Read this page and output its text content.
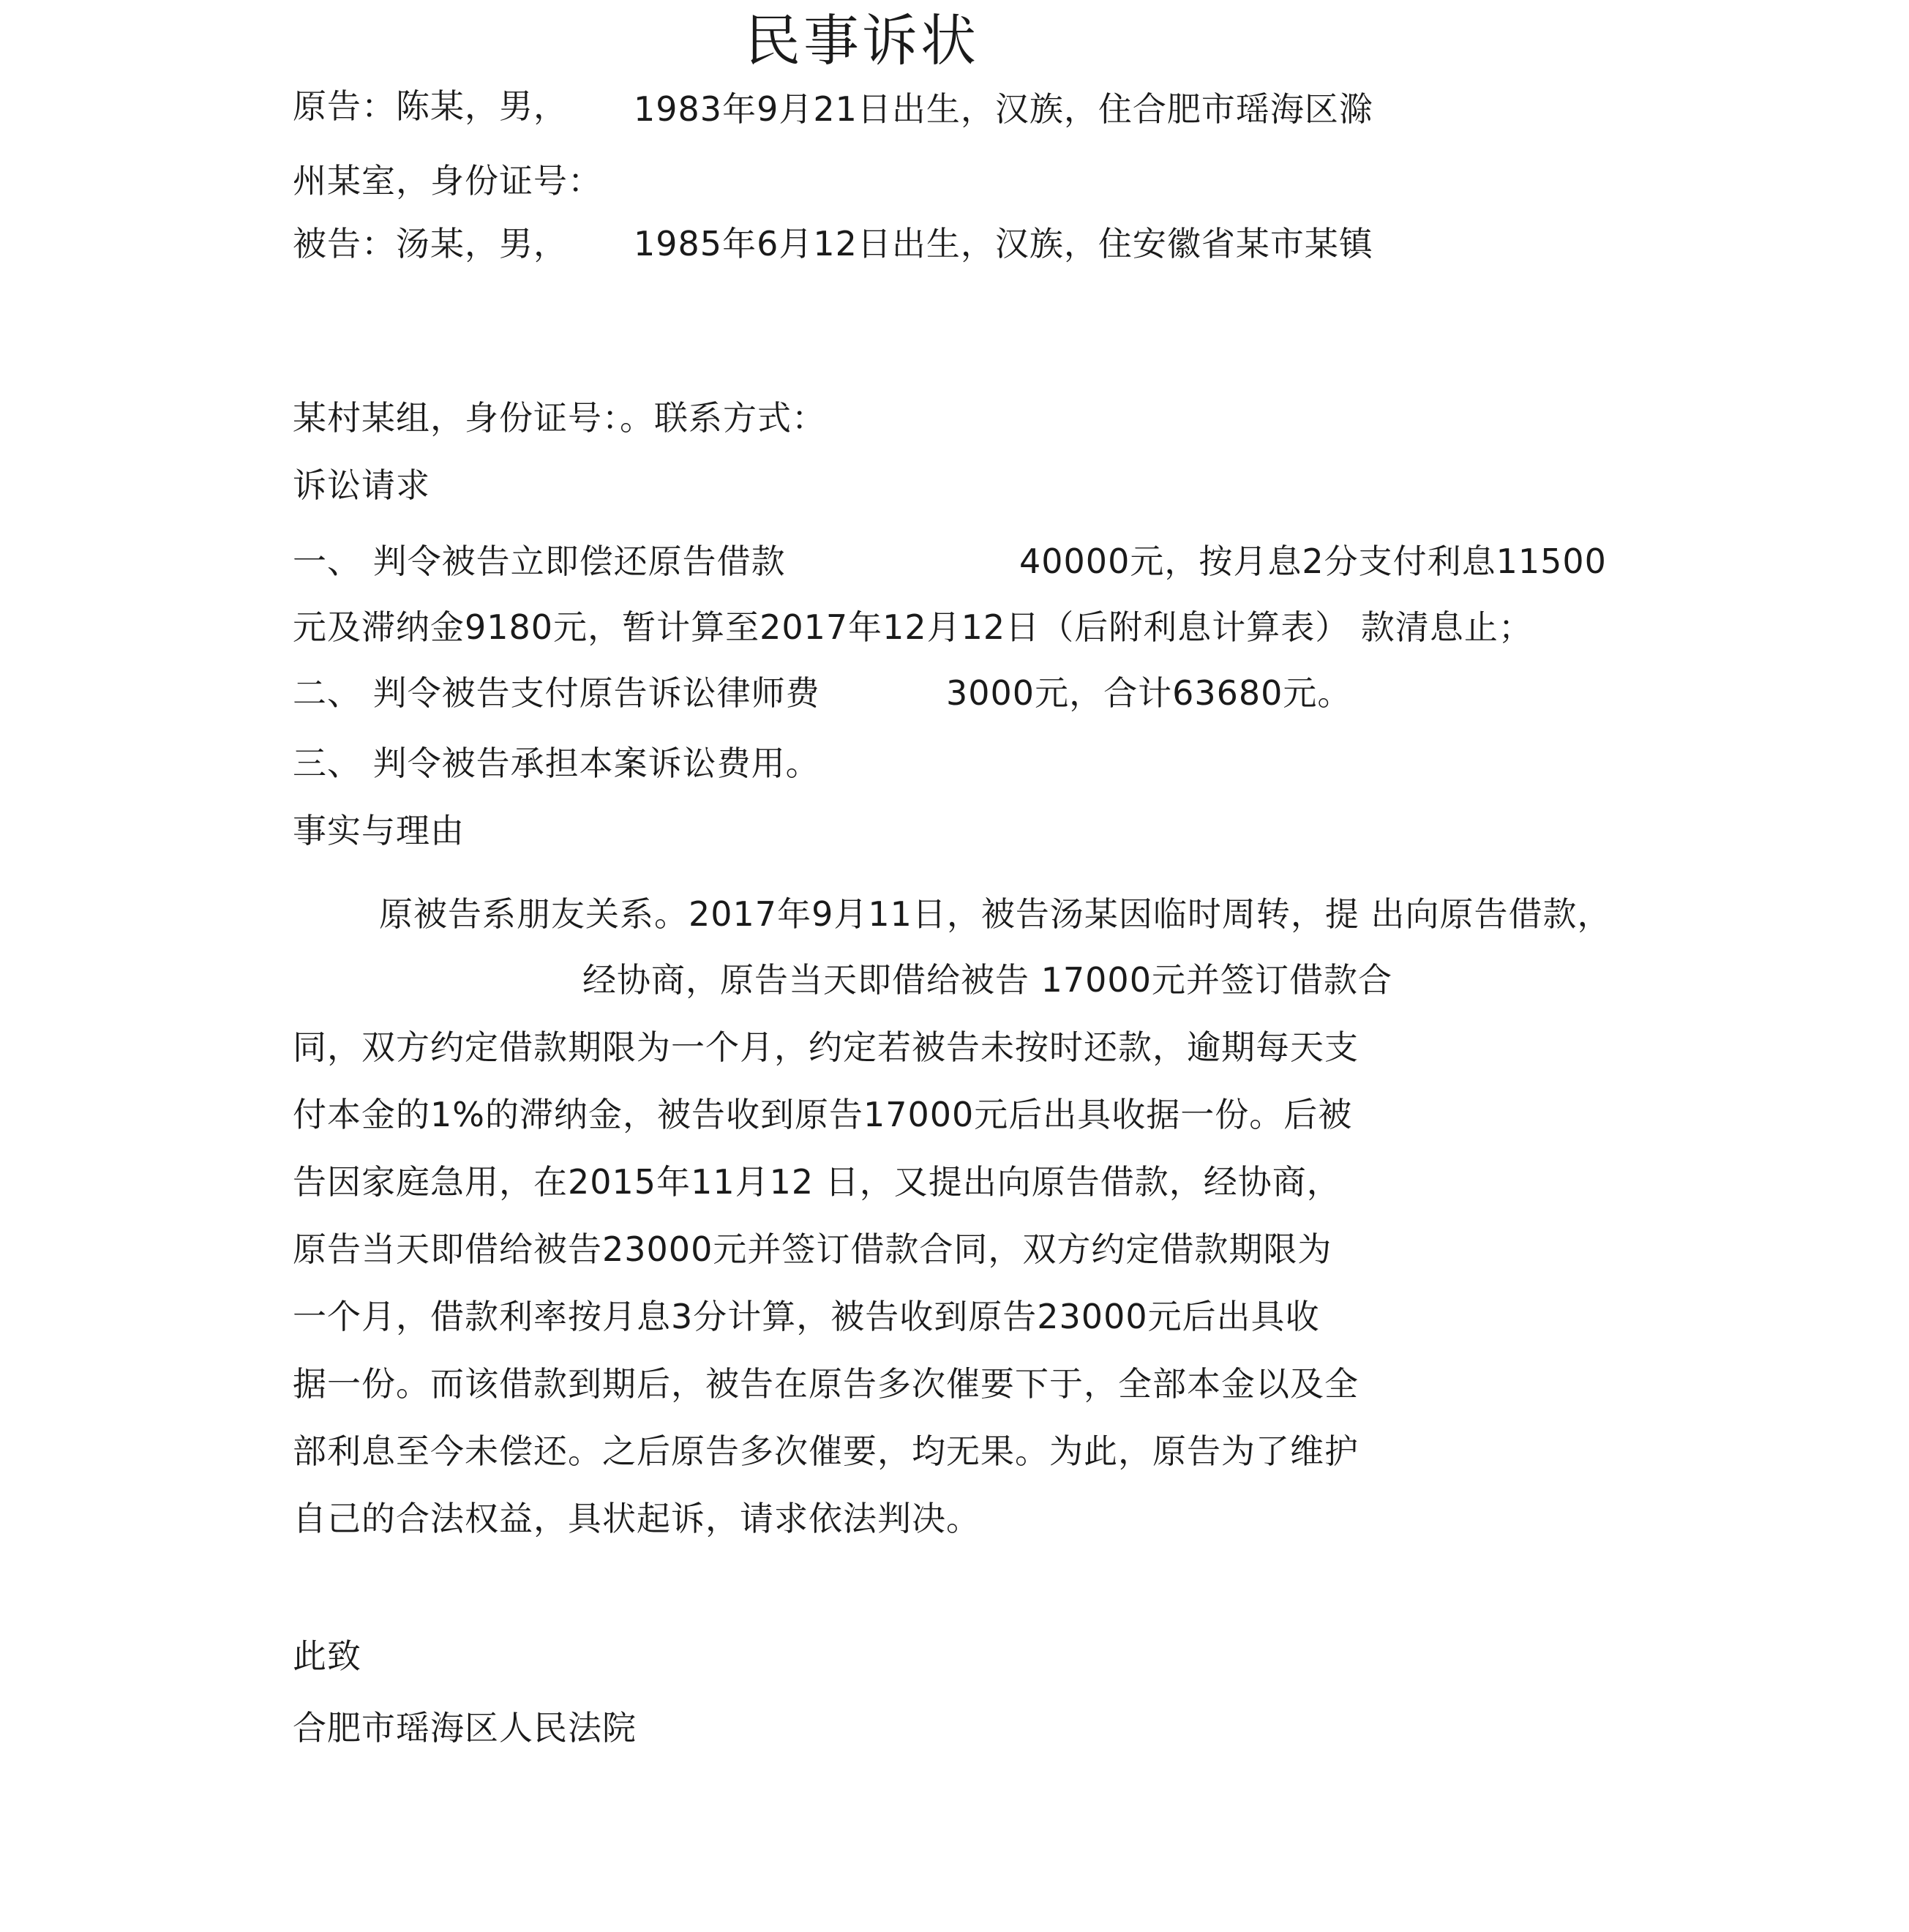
民事诉状
原告：陈某，男， 1983年9月21日出生，汉族，住合肥市瑶海区滁
州某室，身份证号：
被告：汤某，男， 1985年6月12日出生，汉族，住安徽省某市某镇
某村某组，身份证号：。联系方式：
诉讼请求
一、 判令被告立即偿还原告借款	40000元，按月息2分支付利息11500
元及滞纳金9180元，暂计算至2017年12月12日（后附利息计算表） 款清息止；
二、 判令被告支付原告诉讼律师费	3000元，合计63680元。
三、 判令被告承担本案诉讼费用。
事实与理由
原被告系朋友关系。2017年9月11日，被告汤某因临时周转，提 出向原告借款，
经协商，原告当天即借给被告 17000元并签订借款合
同，双方约定借款期限为一个月，约定若被告未按时还款，逾期每天支
付本金的1%的滞纳金，被告收到原告17000元后出具收据一份。后被
告因家庭急用，在2015年11月12 日，又提出向原告借款，经协商，
原告当天即借给被告23000元并签订借款合同，双方约定借款期限为
一个月，借款利率按月息3分计算，被告收到原告23000元后出具收
据一份。而该借款到期后，被告在原告多次催要下于，全部本金以及全
部利息至今未偿还。之后原告多次催要，均无果。为此，原告为了维护
自己的合法权益，具状起诉，请求依法判决。
此致
合肥市瑶海区人民法院
